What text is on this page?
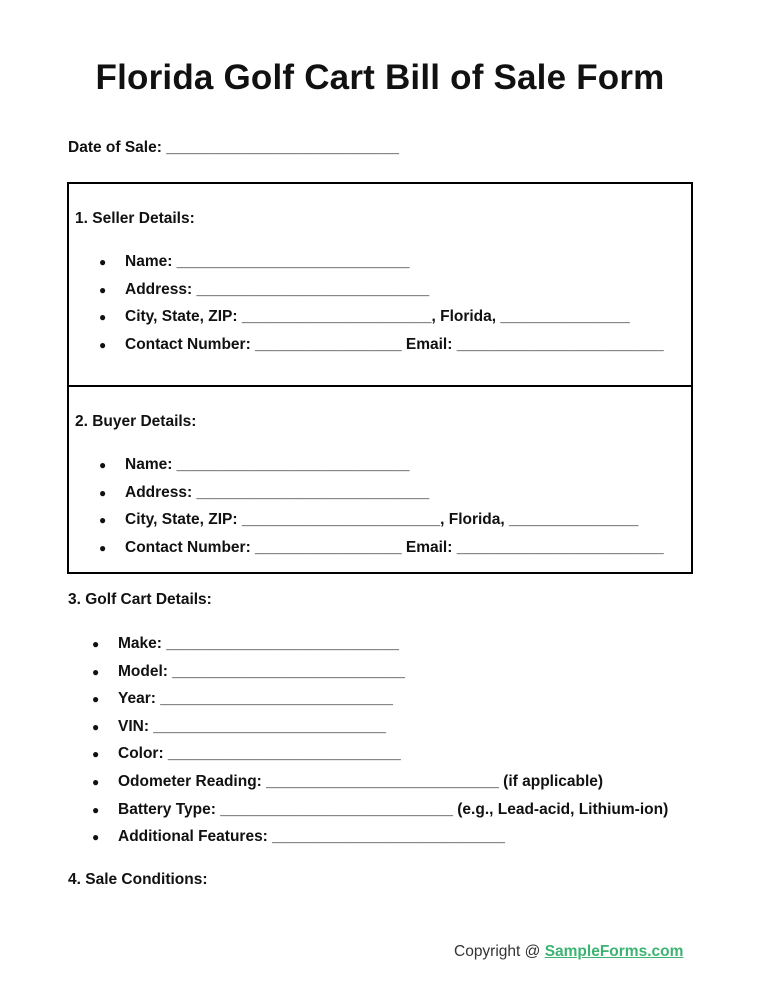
Florida Golf Cart Bill of Sale Form
Date of Sale: ___________________________
1. Seller Details:
● Name: ___________________________
● Address: ___________________________
● City, State, ZIP: ______________________, Florida, _______________
● Contact Number: _________________ Email: ________________________
2. Buyer Details:
● Name: ___________________________
● Address: ___________________________
● City, State, ZIP: _______________________, Florida, _______________
● Contact Number: _________________ Email: ________________________
3. Golf Cart Details:
● Make: ___________________________
● Model: ___________________________
● Year: ___________________________
● VIN: ___________________________
● Color: ___________________________
● Odometer Reading: ___________________________ (if applicable)
● Battery Type: ___________________________ (e.g., Lead-acid, Lithium-ion)
● Additional Features: ___________________________
4. Sale Conditions:
Copyright @ SampleForms.com
